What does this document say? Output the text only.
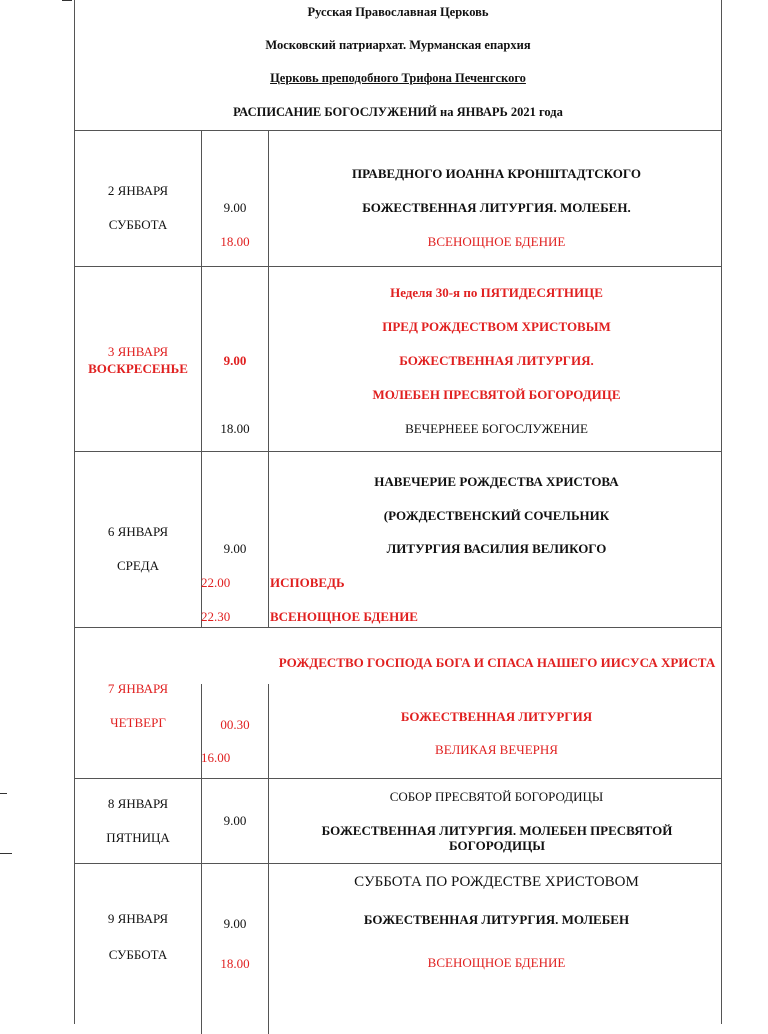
Русская Православная Церковь
Московский патриархат. Мурманская епархия
Церковь преподобного Трифона Печенгского
РАСПИСАНИЕ БОГОСЛУЖЕНИЙ на ЯНВАРЬ 2021 года
2 ЯНВАРЯ
СУББОТА
9.00
18.00
ПРАВЕДНОГО ИОАННА КРОНШТАДТСКОГО
БОЖЕСТВЕННАЯ ЛИТУРГИЯ. МОЛЕБЕН.
ВСЕНОЩНОЕ БДЕНИЕ
3 ЯНВАРЯ
ВОСКРЕСЕНЬЕ
9.00
18.00
Неделя 30-я по ПЯТИДЕСЯТНИЦЕ
ПРЕД РОЖДЕСТВОМ ХРИСТОВЫМ
БОЖЕСТВЕННАЯ ЛИТУРГИЯ.
МОЛЕБЕН ПРЕСВЯТОЙ БОГОРОДИЦЕ
ВЕЧЕРНЕЕЕ БОГОСЛУЖЕНИЕ
6 ЯНВАРЯ
СРЕДА
9.00
22.00
22.30
НАВЕЧЕРИЕ РОЖДЕСТВА ХРИСТОВА
(РОЖДЕСТВЕНСКИЙ СОЧЕЛЬНИК
ЛИТУРГИЯ ВАСИЛИЯ ВЕЛИКОГО
ИСПОВЕДЬ
ВСЕНОЩНОЕ БДЕНИЕ
7 ЯНВАРЯ
ЧЕТВЕРГ	00.30
16.00
РОЖДЕСТВО ГОСПОДА БОГА И СПАСА НАШЕГО ИИСУСА ХРИСТА
БОЖЕСТВЕННАЯ ЛИТУРГИЯ
ВЕЛИКАЯ ВЕЧЕРНЯ
8 ЯНВАРЯ
ПЯТНИЦА
9.00
СОБОР ПРЕСВЯТОЙ БОГОРОДИЦЫ
БОЖЕСТВЕННАЯ ЛИТУРГИЯ. МОЛЕБЕН ПРЕСВЯТОЙ БОГОРОДИЦЫ
9 ЯНВАРЯ
СУББОТА
9.00
18.00
СУББОТА ПО РОЖДЕСТВЕ ХРИСТОВОМ
БОЖЕСТВЕННАЯ ЛИТУРГИЯ. МОЛЕБЕН
ВСЕНОЩНОЕ БДЕНИЕ
